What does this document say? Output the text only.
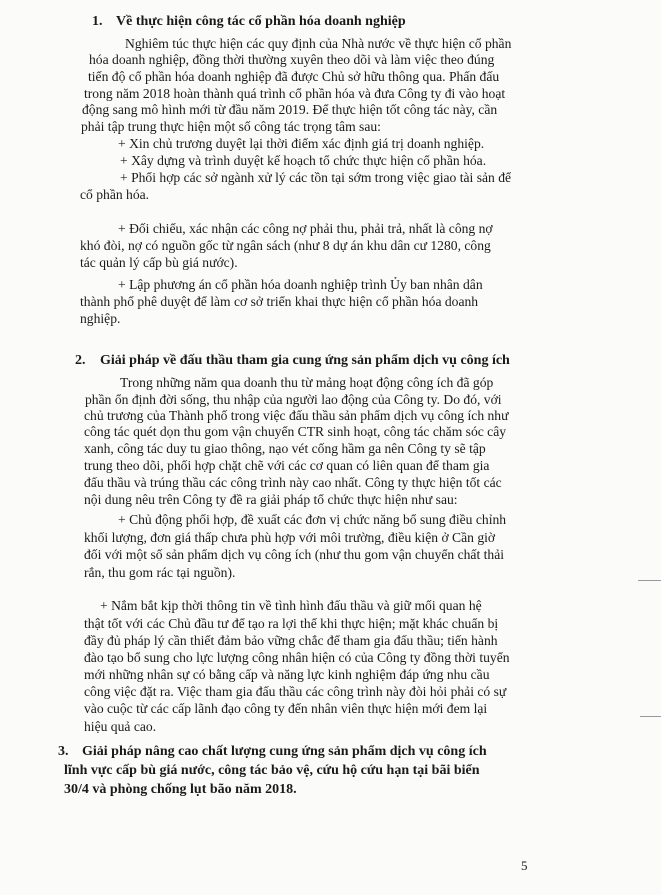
1. Về thực hiện công tác cổ phần hóa doanh nghiệp
Nghiêm túc thực hiện các quy định của Nhà nước về thực hiện cổ phần
hóa doanh nghiệp, đồng thời thường xuyên theo dõi và làm việc theo đúng
tiến độ cổ phần hóa doanh nghiệp đã được Chủ sở hữu thông qua. Phấn đấu
trong năm 2018 hoàn thành quá trình cổ phần hóa và đưa Công ty đi vào hoạt
động sang mô hình mới từ đầu năm 2019. Để thực hiện tốt công tác này, cần
phải tập trung thực hiện một số công tác trọng tâm sau:
+ Xin chủ trương duyệt lại thời điểm xác định giá trị doanh nghiệp.
+ Xây dựng và trình duyệt kế hoạch tổ chức thực hiện cổ phần hóa.
+ Phối hợp các sở ngành xử lý các tồn tại sớm trong việc giao tài sản để
cổ phần hóa.
+ Đối chiếu, xác nhận các công nợ phải thu, phải trả, nhất là công nợ
khó đòi, nợ có nguồn gốc từ ngân sách (như 8 dự án khu dân cư 1280, công
tác quản lý cấp bù giá nước).
+ Lập phương án cổ phần hóa doanh nghiệp trình Ủy ban nhân dân
thành phố phê duyệt để làm cơ sở triển khai thực hiện cổ phần hóa doanh
nghiệp.
2. Giải pháp về đấu thầu tham gia cung ứng sản phẩm dịch vụ công ích
Trong những năm qua doanh thu từ mảng hoạt động công ích đã góp
phần ổn định đời sống, thu nhập của người lao động của Công ty. Do đó, với
chủ trương của Thành phố trong việc đấu thầu sản phẩm dịch vụ công ích như
công tác quét dọn thu gom vận chuyển CTR sinh hoạt, công tác chăm sóc cây
xanh, công tác duy tu giao thông, nạo vét cống hầm ga nên Công ty sẽ tập
trung theo dõi, phối hợp chặt chẽ với các cơ quan có liên quan để tham gia
đấu thầu và trúng thầu các công trình này cao nhất. Công ty thực hiện tốt các
nội dung nêu trên Công ty đề ra giải pháp tổ chức thực hiện như sau:
+ Chủ động phối hợp, đề xuất các đơn vị chức năng bổ sung điều chỉnh
khối lượng, đơn giá thấp chưa phù hợp với môi trường, điều kiện ở Cần giờ
đối với một số sản phẩm dịch vụ công ích (như thu gom vận chuyển chất thải
rắn, thu gom rác tại nguồn).
+ Nắm bắt kịp thời thông tin về tình hình đấu thầu và giữ mối quan hệ
thật tốt với các Chủ đầu tư để tạo ra lợi thế khi thực hiện; mặt khác chuẩn bị
đầy đủ pháp lý cần thiết đảm bảo vững chắc để tham gia đấu thầu; tiến hành
đào tạo bổ sung cho lực lượng công nhân hiện có của Công ty đồng thời tuyển
mới những nhân sự có bằng cấp và năng lực kinh nghiệm đáp ứng nhu cầu
công việc đặt ra. Việc tham gia đấu thầu các công trình này đòi hỏi phải có sự
vào cuộc từ các cấp lãnh đạo công ty đến nhân viên thực hiện mới đem lại
hiệu quả cao.
3. Giải pháp nâng cao chất lượng cung ứng sản phẩm dịch vụ công ích
lĩnh vực cấp bù giá nước, công tác bảo vệ, cứu hộ cứu hạn tại bãi biển
30/4 và phòng chống lụt bão năm 2018.
5
